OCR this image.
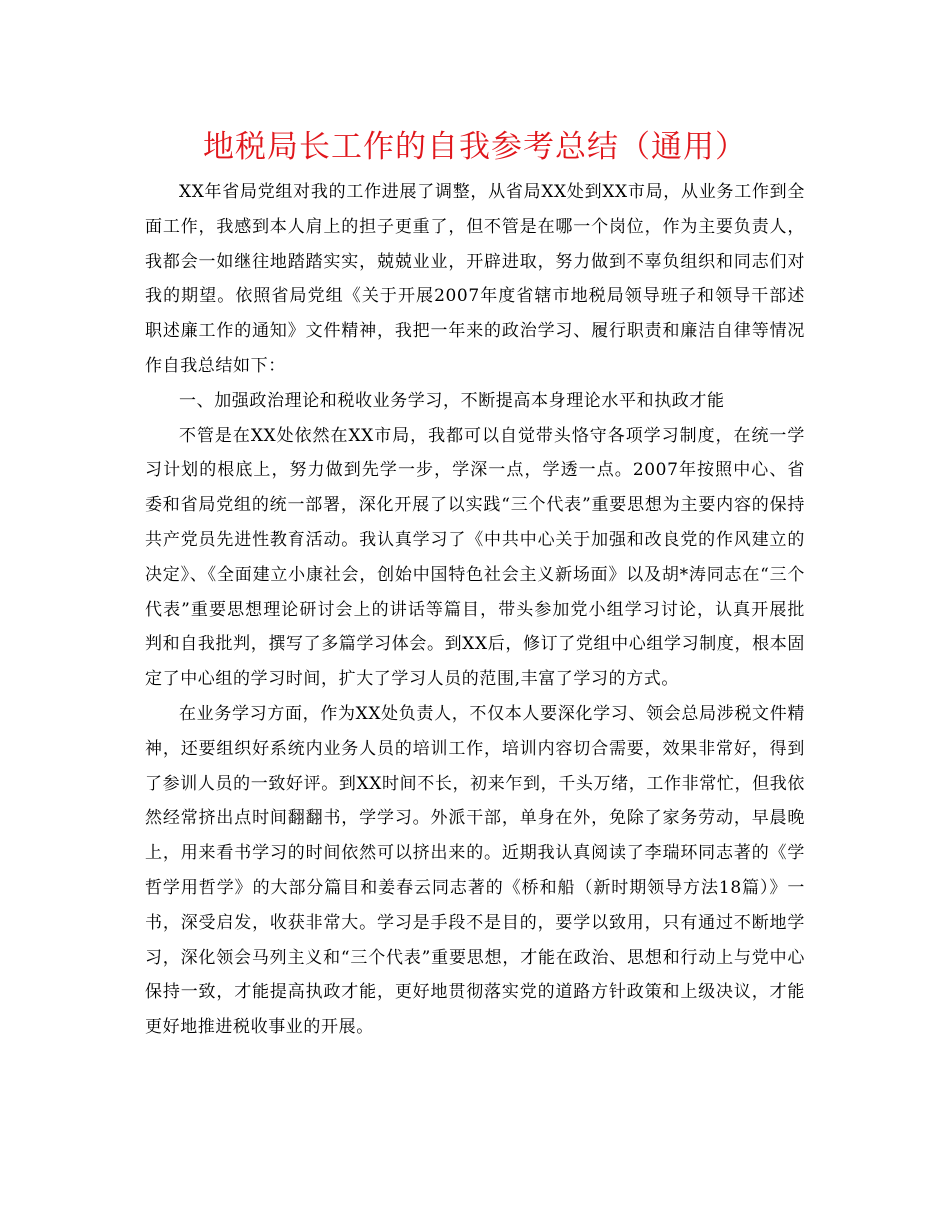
地税局长工作的自我参考总结（通用）

XX年省局党组对我的工作进展了调整，从省局XX处到XX市局，从业务工作到全面工作，我感到本人肩上的担子更重了，但不管是在哪一个岗位，作为主要负责人，我都会一如继往地踏踏实实，兢兢业业，开辟进取，努力做到不辜负组织和同志们对我的期望。依照省局党组《关于开展2007年度省辖市地税局领导班子和领导干部述职述廉工作的通知》文件精神，我把一年来的政治学习、履行职责和廉洁自律等情况作自我总结如下：

一、加强政治理论和税收业务学习，不断提高本身理论水平和执政才能

不管是在XX处依然在XX市局，我都可以自觉带头恪守各项学习制度，在统一学习计划的根底上，努力做到先学一步，学深一点，学透一点。2007年按照中心、省委和省局党组的统一部署，深化开展了以实践“三个代表”重要思想为主要内容的保持共产党员先进性教育活动。我认真学习了《中共中心关于加强和改良党的作风建立的决定》、《全面建立小康社会，创始中国特色社会主义新场面》以及胡*涛同志在“三个代表”重要思想理论研讨会上的讲话等篇目，带头参加党小组学习讨论，认真开展批判和自我批判，撰写了多篇学习体会。到XX后，修订了党组中心组学习制度，根本固定了中心组的学习时间，扩大了学习人员的范围,丰富了学习的方式。

在业务学习方面，作为XX处负责人，不仅本人要深化学习、领会总局涉税文件精神，还要组织好系统内业务人员的培训工作，培训内容切合需要，效果非常好，得到了参训人员的一致好评。到XX时间不长，初来乍到，千头万绪，工作非常忙，但我依然经常挤出点时间翻翻书，学学习。外派干部，单身在外，免除了家务劳动，早晨晚上，用来看书学习的时间依然可以挤出来的。近期我认真阅读了李瑞环同志著的《学哲学用哲学》的大部分篇目和姜春云同志著的《桥和船（新时期领导方法18篇）》一书，深受启发，收获非常大。学习是手段不是目的，要学以致用，只有通过不断地学习，深化领会马列主义和“三个代表”重要思想，才能在政治、思想和行动上与党中心保持一致，才能提高执政才能，更好地贯彻落实党的道路方针政策和上级决议，才能更好地推进税收事业的开展。
